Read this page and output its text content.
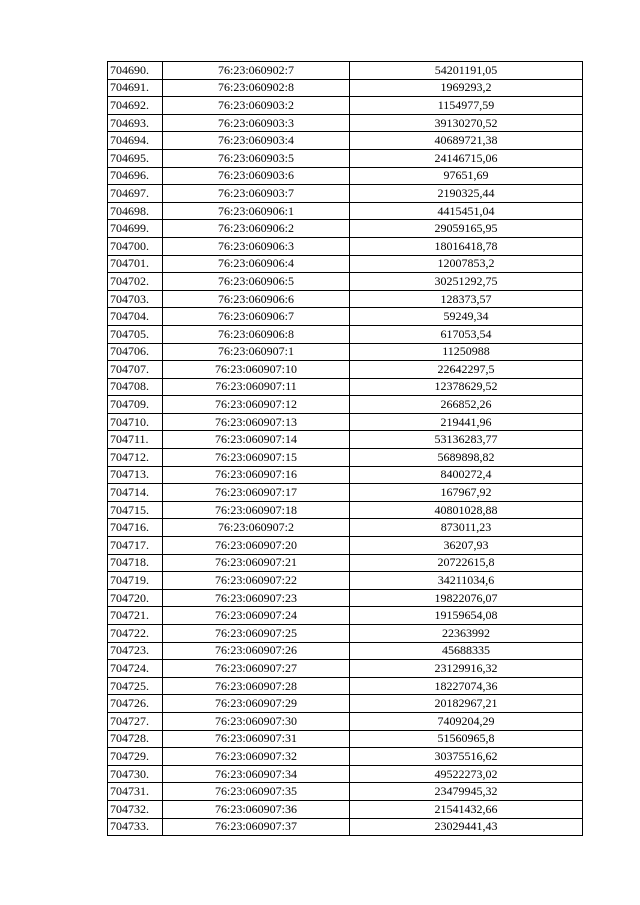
704690.	76:23:060902:7	54201191,05
704691.	76:23:060902:8	1969293,2
704692.	76:23:060903:2	1154977,59
704693.	76:23:060903:3	39130270,52
704694.	76:23:060903:4	40689721,38
704695.	76:23:060903:5	24146715,06
704696.	76:23:060903:6	97651,69
704697.	76:23:060903:7	2190325,44
704698.	76:23:060906:1	4415451,04
704699.	76:23:060906:2	29059165,95
704700.	76:23:060906:3	18016418,78
704701.	76:23:060906:4	12007853,2
704702.	76:23:060906:5	30251292,75
704703.	76:23:060906:6	128373,57
704704.	76:23:060906:7	59249,34
704705.	76:23:060906:8	617053,54
704706.	76:23:060907:1	11250988
704707.	76:23:060907:10	22642297,5
704708.	76:23:060907:11	12378629,52
704709.	76:23:060907:12	266852,26
704710.	76:23:060907:13	219441,96
704711.	76:23:060907:14	53136283,77
704712.	76:23:060907:15	5689898,82
704713.	76:23:060907:16	8400272,4
704714.	76:23:060907:17	167967,92
704715.	76:23:060907:18	40801028,88
704716.	76:23:060907:2	873011,23
704717.	76:23:060907:20	36207,93
704718.	76:23:060907:21	20722615,8
704719.	76:23:060907:22	34211034,6
704720.	76:23:060907:23	19822076,07
704721.	76:23:060907:24	19159654,08
704722.	76:23:060907:25	22363992
704723.	76:23:060907:26	45688335
704724.	76:23:060907:27	23129916,32
704725.	76:23:060907:28	18227074,36
704726.	76:23:060907:29	20182967,21
704727.	76:23:060907:30	7409204,29
704728.	76:23:060907:31	51560965,8
704729.	76:23:060907:32	30375516,62
704730.	76:23:060907:34	49522273,02
704731.	76:23:060907:35	23479945,32
704732.	76:23:060907:36	21541432,66
704733.	76:23:060907:37	23029441,43
